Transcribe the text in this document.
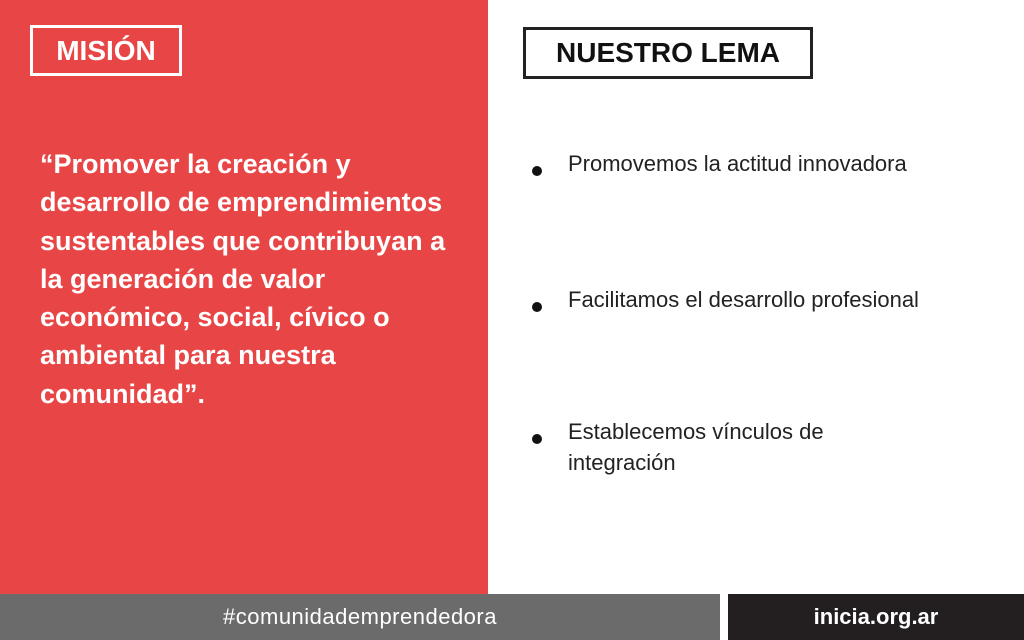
MISIÓN
“Promover la creación y desarrollo de emprendimientos sustentables que contribuyan a la generación de valor económico, social, cívico o ambiental para nuestra comunidad”.
NUESTRO LEMA
Promovemos la actitud innovadora
Facilitamos el desarrollo profesional
Establecemos vínculos de integración
#comunidademprendedora	inicia.org.ar
